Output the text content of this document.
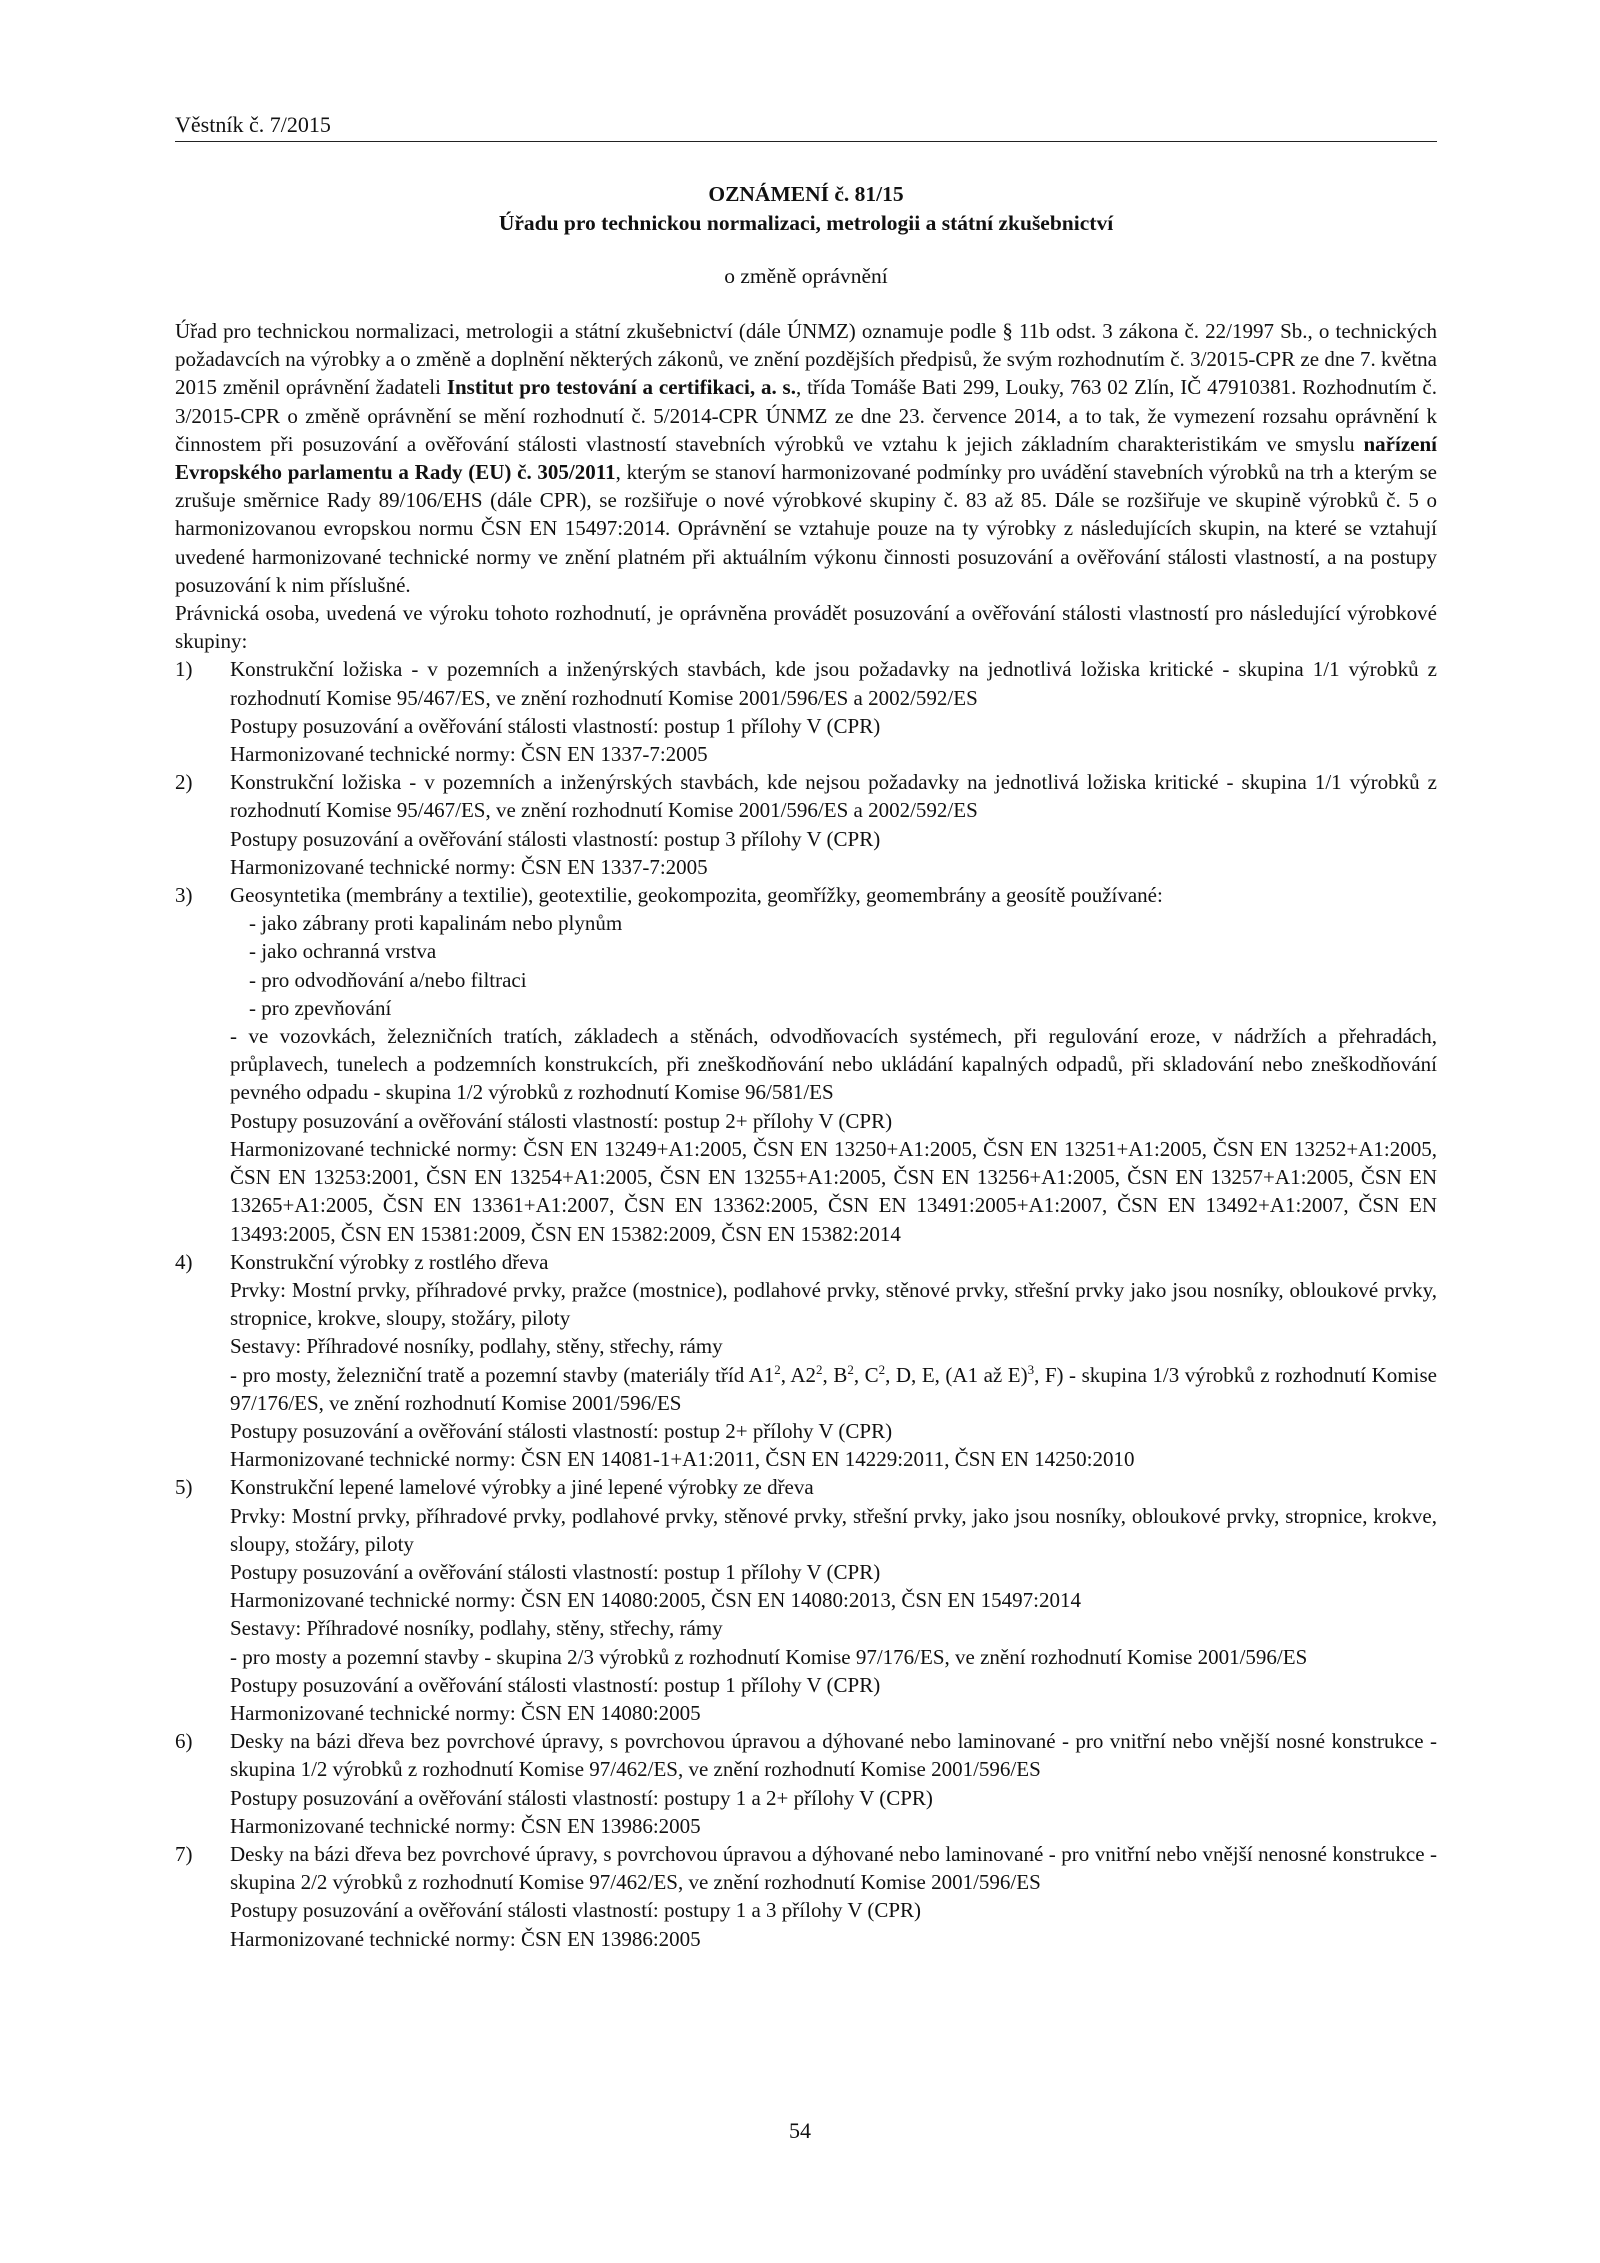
Věstník č. 7/2015
OZNÁMENÍ č. 81/15
Úřadu pro technickou normalizaci, metrologii a státní zkušebnictví
o změně oprávnění

Úřad pro technickou normalizaci, metrologii a státní zkušebnictví (dále ÚNMZ) oznamuje podle § 11b odst. 3 zákona č. 22/1997 Sb., o technických požadavcích na výrobky a o změně a doplnění některých zákonů, ve znění pozdějších předpisů, že svým rozhodnutím č. 3/2015-CPR ze dne 7. května 2015 změnil oprávnění žadateli Institut pro testování a certifikaci, a. s., třída Tomáše Bati 299, Louky, 763 02 Zlín, IČ 47910381. Rozhodnutím č. 3/2015-CPR o změně oprávnění se mění rozhodnutí č. 5/2014-CPR ÚNMZ ze dne 23. července 2014, a to tak, že vymezení rozsahu oprávnění k činnostem při posuzování a ověřování stálosti vlastností stavebních výrobků ve vztahu k jejich základním charakteristikám ve smyslu nařízení Evropského parlamentu a Rady (EU) č. 305/2011, kterým se stanoví harmonizované podmínky pro uvádění stavebních výrobků na trh a kterým se zrušuje směrnice Rady 89/106/EHS (dále CPR), se rozšiřuje o nové výrobkové skupiny č. 83 až 85. Dále se rozšiřuje ve skupině výrobků č. 5 o harmonizovanou evropskou normu ČSN EN 15497:2014. Oprávnění se vztahuje pouze na ty výrobky z následujících skupin, na které se vztahují uvedené harmonizované technické normy ve znění platném při aktuálním výkonu činnosti posuzování a ověřování stálosti vlastností, a na postupy posuzování k nim příslušné.

Právnická osoba, uvedená ve výroku tohoto rozhodnutí, je oprávněna provádět posuzování a ověřování stálosti vlastností pro následující výrobkové skupiny:

1) Konstrukční ložiska - v pozemních a inženýrských stavbách, kde jsou požadavky na jednotlivá ložiska kritické - skupina 1/1 výrobků z rozhodnutí Komise 95/467/ES, ve znění rozhodnutí Komise 2001/596/ES a 2002/592/ES
Postupy posuzování a ověřování stálosti vlastností: postup 1 přílohy V (CPR)
Harmonizované technické normy: ČSN EN 1337-7:2005
2) Konstrukční ložiska - v pozemních a inženýrských stavbách, kde nejsou požadavky na jednotlivá ložiska kritické - skupina 1/1 výrobků z rozhodnutí Komise 95/467/ES, ve znění rozhodnutí Komise 2001/596/ES a 2002/592/ES
Postupy posuzování a ověřování stálosti vlastností: postup 3 přílohy V (CPR)
Harmonizované technické normy: ČSN EN 1337-7:2005
3) Geosyntetika (membrány a textilie), geotextilie, geokompozita, geomřížky, geomembrány a geosítě používané:
- jako zábrany proti kapalinám nebo plynům
- jako ochranná vrstva
- pro odvodňování a/nebo filtraci
- pro zpevňování
- ve vozovkách, železničních tratích, základech a stěnách, odvodňovacích systémech, při regulování eroze, v nádržích a přehradách, průplavech, tunelech a podzemních konstrukcích, při zneškodňování nebo ukládání kapalných odpadů, při skladování nebo zneškodňování pevného odpadu - skupina 1/2 výrobků z rozhodnutí Komise 96/581/ES
Postupy posuzování a ověřování stálosti vlastností: postup 2+ přílohy V (CPR)
Harmonizované technické normy: ČSN EN 13249+A1:2005, ČSN EN 13250+A1:2005, ČSN EN 13251+A1:2005, ČSN EN 13252+A1:2005, ČSN EN 13253:2001, ČSN EN 13254+A1:2005, ČSN EN 13255+A1:2005, ČSN EN 13256+A1:2005, ČSN EN 13257+A1:2005, ČSN EN 13265+A1:2005, ČSN EN 13361+A1:2007, ČSN EN 13362:2005, ČSN EN 13491:2005+A1:2007, ČSN EN 13492+A1:2007, ČSN EN 13493:2005, ČSN EN 15381:2009, ČSN EN 15382:2009, ČSN EN 15382:2014
4) Konstrukční výrobky z rostlého dřeva
Prvky: Mostní prvky, příhradové prvky, pražce (mostnice), podlahové prvky, stěnové prvky, střešní prvky jako jsou nosníky, obloukové prvky, stropnice, krokve, sloupy, stožáry, piloty
Sestavy: Příhradové nosníky, podlahy, stěny, střechy, rámy
- pro mosty, železniční tratě a pozemní stavby (materiály tříd $A1^2$, $A2^2$, $B^2$, $C^2$, D, E, (A1 až E)$^3$, F) - skupina 1/3 výrobků z rozhodnutí Komise 97/176/ES, ve znění rozhodnutí Komise 2001/596/ES
Postupy posuzování a ověřování stálosti vlastností: postup 2+ přílohy V (CPR)
Harmonizované technické normy: ČSN EN 14081-1+A1:2011, ČSN EN 14229:2011, ČSN EN 14250:2010
5) Konstrukční lepené lamelové výrobky a jiné lepené výrobky ze dřeva
Prvky: Mostní prvky, příhradové prvky, podlahové prvky, stěnové prvky, střešní prvky, jako jsou nosníky, obloukové prvky, stropnice, krokve, sloupy, stožáry, piloty
Postupy posuzování a ověřování stálosti vlastností: postup 1 přílohy V (CPR)
Harmonizované technické normy: ČSN EN 14080:2005, ČSN EN 14080:2013, ČSN EN 15497:2014
Sestavy: Příhradové nosníky, podlahy, stěny, střechy, rámy
- pro mosty a pozemní stavby - skupina 2/3 výrobků z rozhodnutí Komise 97/176/ES, ve znění rozhodnutí Komise 2001/596/ES
Postupy posuzování a ověřování stálosti vlastností: postup 1 přílohy V (CPR)
Harmonizované technické normy: ČSN EN 14080:2005
6) Desky na bázi dřeva bez povrchové úpravy, s povrchovou úpravou a dýhované nebo laminované - pro vnitřní nebo vnější nosné konstrukce - skupina 1/2 výrobků z rozhodnutí Komise 97/462/ES, ve znění rozhodnutí Komise 2001/596/ES
Postupy posuzování a ověřování stálosti vlastností: postupy 1 a 2+ přílohy V (CPR)
Harmonizované technické normy: ČSN EN 13986:2005
7) Desky na bázi dřeva bez povrchové úpravy, s povrchovou úpravou a dýhované nebo laminované - pro vnitřní nebo vnější nenosné konstrukce - skupina 2/2 výrobků z rozhodnutí Komise 97/462/ES, ve znění rozhodnutí Komise 2001/596/ES
Postupy posuzování a ověřování stálosti vlastností: postupy 1 a 3 přílohy V (CPR)
Harmonizované technické normy: ČSN EN 13986:2005
54
